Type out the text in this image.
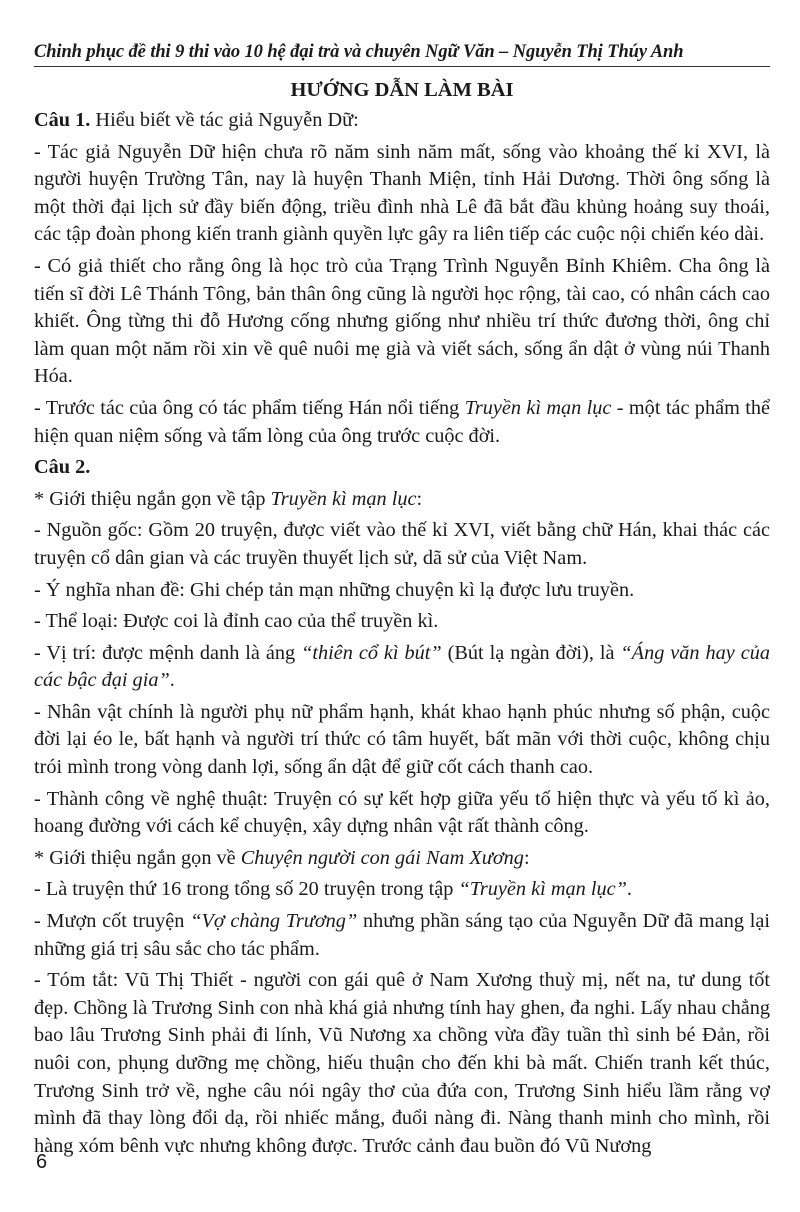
Chinh phục đề thi 9 thi vào 10 hệ đại trà và chuyên Ngữ Văn – Nguyễn Thị Thúy Anh
HƯỚNG DẪN LÀM BÀI

Câu 1. Hiểu biết về tác giả Nguyễn Dữ:

- Tác giả Nguyễn Dữ hiện chưa rõ năm sinh năm mất, sống vào khoảng thế kỉ XVI, là người huyện Trường Tân, nay là huyện Thanh Miện, tỉnh Hải Dương. Thời ông sống là một thời đại lịch sử đầy biến động, triều đình nhà Lê đã bắt đầu khủng hoảng suy thoái, các tập đoàn phong kiến tranh giành quyền lực gây ra liên tiếp các cuộc nội chiến kéo dài.

- Có giả thiết cho rằng ông là học trò của Trạng Trình Nguyễn Bỉnh Khiêm. Cha ông là tiến sĩ đời Lê Thánh Tông, bản thân ông cũng là người học rộng, tài cao, có nhân cách cao khiết. Ông từng thi đỗ Hương cống nhưng giống như nhiều trí thức đương thời, ông chỉ làm quan một năm rồi xin về quê nuôi mẹ già và viết sách, sống ẩn dật ở vùng núi Thanh Hóa.

- Trước tác của ông có tác phẩm tiếng Hán nổi tiếng Truyền kì mạn lục - một tác phẩm thể hiện quan niệm sống và tấm lòng của ông trước cuộc đời.

Câu 2.

* Giới thiệu ngắn gọn về tập Truyền kì mạn lục:

- Nguồn gốc: Gồm 20 truyện, được viết vào thế kỉ XVI, viết bằng chữ Hán, khai thác các truyện cổ dân gian và các truyền thuyết lịch sử, dã sử của Việt Nam.

- Ý nghĩa nhan đề: Ghi chép tản mạn những chuyện kì lạ được lưu truyền.

- Thể loại: Được coi là đỉnh cao của thể truyền kì.

- Vị trí: được mệnh danh là áng “thiên cổ kì bút” (Bút lạ ngàn đời), là “Áng văn hay của các bậc đại gia”.

- Nhân vật chính là người phụ nữ phẩm hạnh, khát khao hạnh phúc nhưng số phận, cuộc đời lại éo le, bất hạnh và người trí thức có tâm huyết, bất mãn với thời cuộc, không chịu trói mình trong vòng danh lợi, sống ẩn dật để giữ cốt cách thanh cao.

- Thành công về nghệ thuật: Truyện có sự kết hợp giữa yếu tố hiện thực và yếu tố kì ảo, hoang đường với cách kể chuyện, xây dựng nhân vật rất thành công.

* Giới thiệu ngắn gọn về Chuyện người con gái Nam Xương:

- Là truyện thứ 16 trong tổng số 20 truyện trong tập “Truyền kì mạn lục”.

- Mượn cốt truyện “Vợ chàng Trương” nhưng phần sáng tạo của Nguyễn Dữ đã mang lại những giá trị sâu sắc cho tác phẩm.

- Tóm tắt: Vũ Thị Thiết - người con gái quê ở Nam Xương thuỳ mị, nết na, tư dung tốt đẹp. Chồng là Trương Sinh con nhà khá giả nhưng tính hay ghen, đa nghi. Lấy nhau chẳng bao lâu Trương Sinh phải đi lính, Vũ Nương xa chồng vừa đầy tuần thì sinh bé Đản, rồi nuôi con, phụng dưỡng mẹ chồng, hiếu thuận cho đến khi bà mất. Chiến tranh kết thúc, Trương Sinh trở về, nghe câu nói ngây thơ của đứa con, Trương Sinh hiểu lầm rằng vợ mình đã thay lòng đổi dạ, rồi nhiếc mắng, đuổi nàng đi. Nàng thanh minh cho mình, rồi hàng xóm bênh vực nhưng không được. Trước cảnh đau buồn đó Vũ Nương

6
